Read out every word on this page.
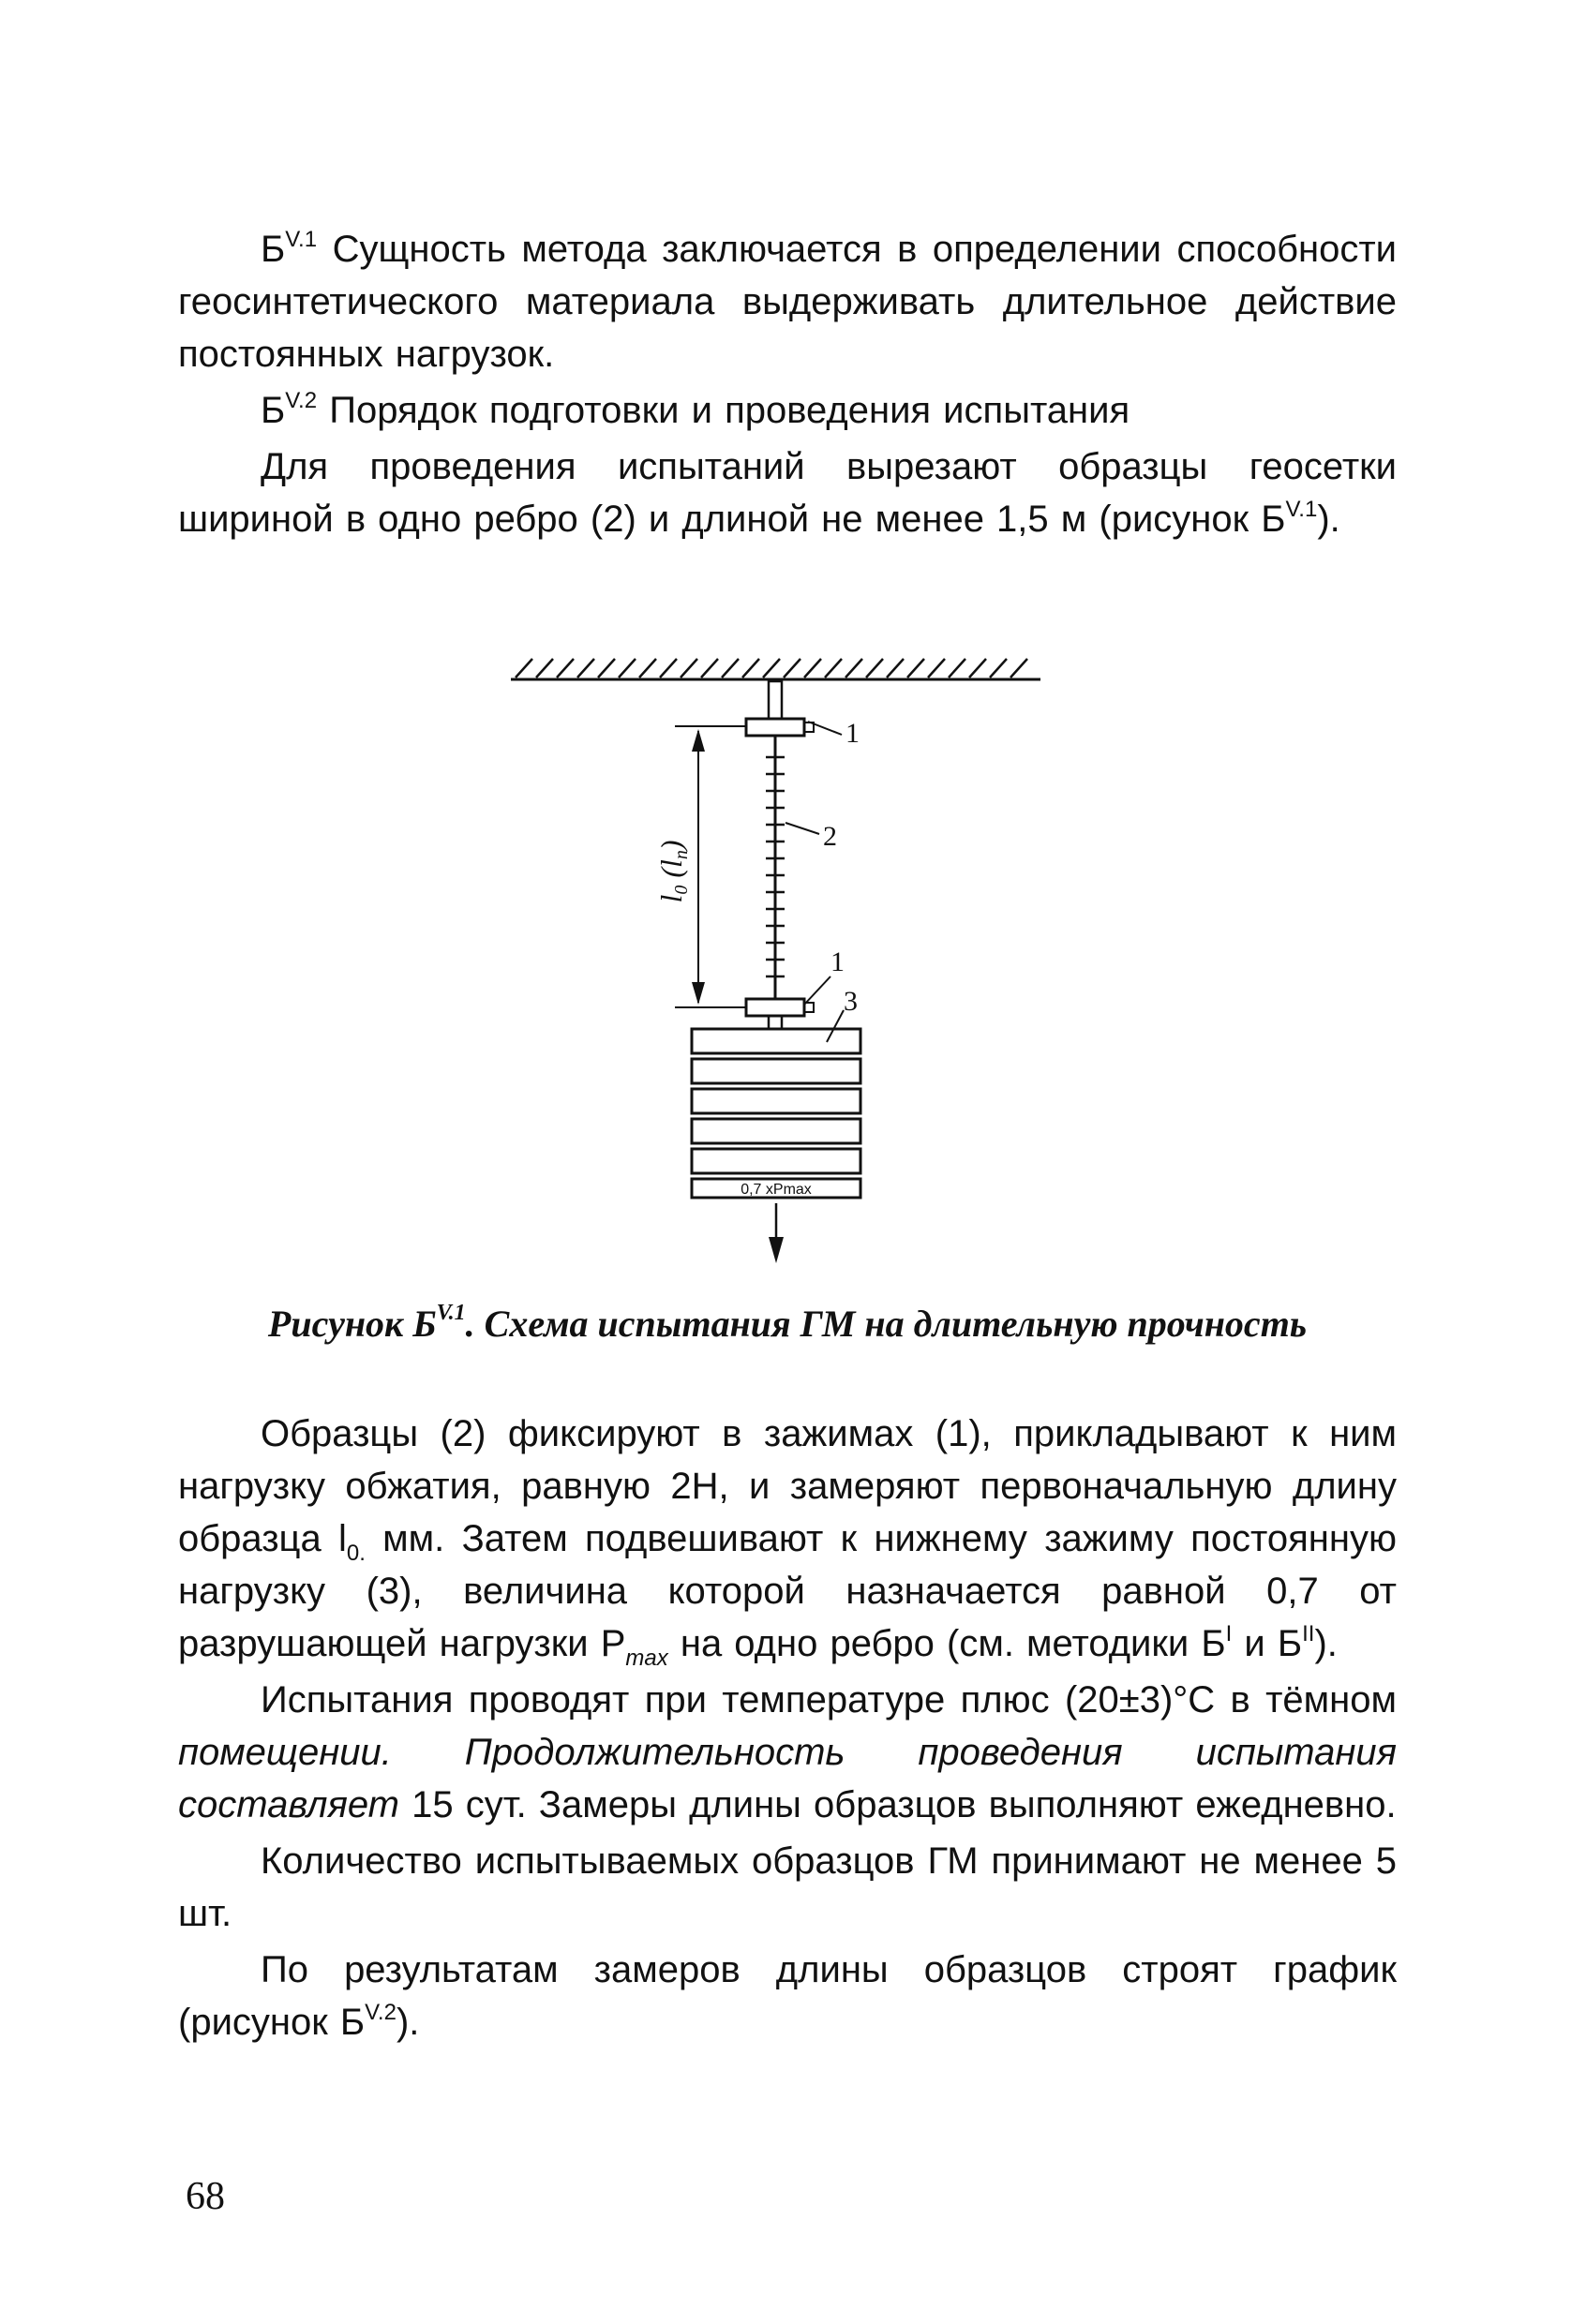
$Б^{V.1}$ Сущность метода заключается в определении способности геосинтетического материала выдерживать длительное действие постоянных нагрузок.

$Б^{V.2}$ Порядок подготовки и проведения испытания

Для проведения испытаний вырезают образцы геосетки шириной в одно ребро (2) и длиной не менее 1,5 м (рисунок $Б^{V.1}$).

l0 (ln)
1
2
1
3
0,7 xPmax
Рисунок $Б^{V.1}$. Схема испытания ГМ на длительную прочность

Образцы (2) фиксируют в зажимах (1), прикладывают к ним нагрузку обжатия, равную 2Н, и замеряют первоначальную длину образца $l_{0.}$ мм. Затем подвешивают к нижнему зажиму постоянную нагрузку (3), величина которой назначается равной 0,7 от разрушающей нагрузки $Р_{max}$ на одно ребро (см. методики $Б^I$ и $Б^{II}$).

Испытания проводят при температуре плюс (20±3)°С в тёмном помещении. Продолжительность проведения испытания составляет 15 сут. Замеры длины образцов выполняют ежедневно.

Количество испытываемых образцов ГМ принимают не менее 5 шт.

По результатам замеров длины образцов строят график (рисунок $Б^{V.2}$).

68
